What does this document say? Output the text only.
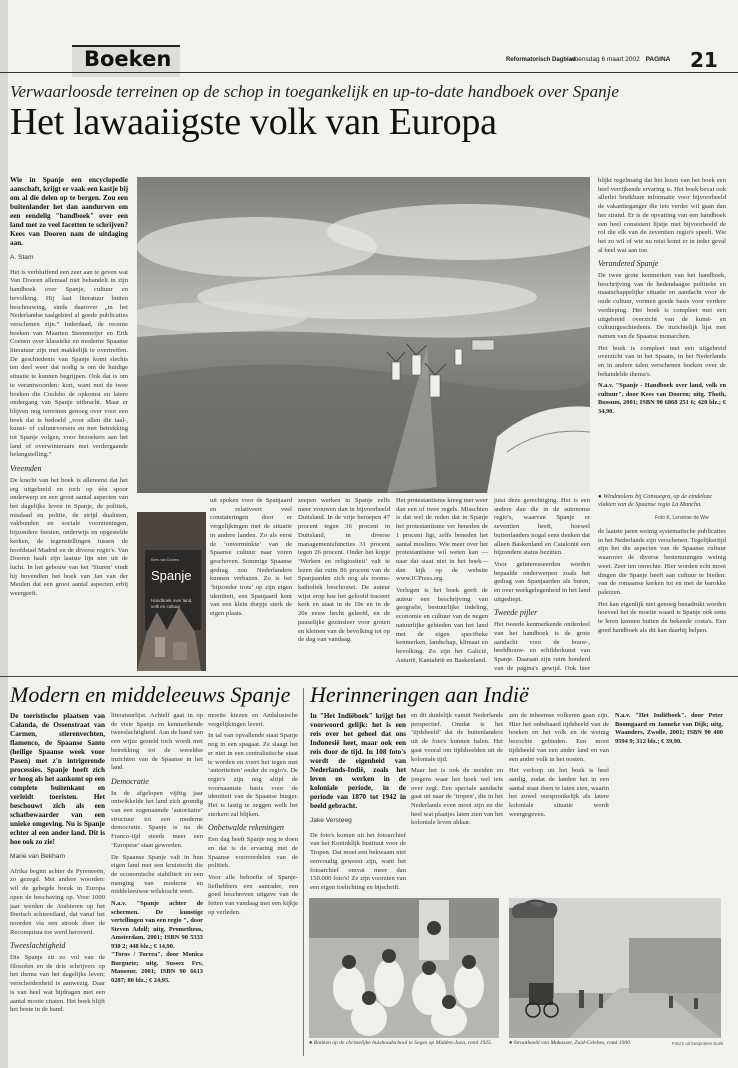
Boeken	Reformatorisch Dagblad
woensdag 6 maart 2002 PAGINA 21
Verwaarloosde terreinen op de schop in toegankelijk en up-to-date handboek over Spanje
Het lawaaiigste volk van Europa

Wie in Spanje een encyclopedie aanschaft, krijgt er vaak een kastje bij om al die delen op te bergen. Zou een buitenlander het dan aandurven om een eendelig "handboek" over een land met zo veel facetten te schrijven? Kees van Dooren nam de uitdaging aan.

A. Stam

Het is verbluffend een zeer aan te geven wat Van Dooren allemaal niet behandelt in zijn handboek over Spanje, cultuur en bevolking. Hij laat literatuur buiten beschouwing, sinds daarover „in het Nederlandse taalgebied al goede publicaties verschenen zijn.” Inderdaad, de recente boeken van Maarten Steenmeijer en Erik Coenen over klassieke en moderne Spaanse literatuur zijn met makkelijk te overtreffen. De geschiedenis van Spanje komt slechts ten deel weer dat nodig is om de huidige situatie te kunnen begrijpen. Ook dat is om te verantwoorden: kort, want met de twee boeken die Coolsbo de opkomst en latere ondergang van Spanje uitbracht. Maar er blijven nog terreinen genoeg over voor een boek dat is bedoeld „voor allen die taal-, kunst- of cultuurvorsers en met betrekking tot Spanje volgen, voor bezoekers aan het land of overwinteraars met verdergaande belangstelling.”

Vreemden

De kracht van het boek is allereerst dat het erg uitgebreid en toch op één spoor onderwerp en een groot aantal aspecten van het dagelijks leven in Spanje, de politiek, misdaad en politie, de strijd dualisten, vakbonden en sociale voorzieningen, bijzondere feesten, onderwijs en opgestelde kerken, de tegenstellingen tussen de hoofdstad Madrid en de diverse regio's. Van Dooren haalt zijn laatste lijn niet uit de lucht. In het gebouw van het ‘Sturen’ vindt hij bovendien het boek van Jan van der Meulen dat een groot aantal aspecten erbij weergeeft.

● Windmolens bij Consuegra, op de eindeloze vlakten van de Spaanse regio La Mancha.
Foto K. Lenstrae de Ww
Kees van Dooren
Spanje
Handboek over land, volk en cultuur

uit spoken voor de Spanjaard en relativeert veel constateringen door er vergelijkingen met de situatie in andere landen. Zo als eerst de ‘onverminkte’ van de Spaanse cultuur naar voren geschoven. Sommige Spaanse gedrag zou Nederlanders kunnen verbazen. Zo is het ‘bijzonder trots’ op zijn eigen identiteit, een Spanjaard kent van een klein dorpje sterk de eigen plaats.

zeepen werken in Spanje zelfs meer vrouwen dan in bijvoorbeeld Duitsland. In de vrije beroepen 47 procent tegen 36 procent in Duitsland, in diverse managementsfuncties 31 procent tegen 26 procent. Onder het kopje ‘Werken en religiositeit’ valt te lezen dat ruim 86 procent van de Spanjaarden zich nog als rooms-katholiek beschouwt. De auteur wijst erop hoe het geloofd traceert kerk en staat in de 19e en in de 20e eeuw hecht geleefd, en de pauselijke gezinsleer voor groten en kleinen van de bevolking tot op de dag van vandaag.

Het protestantisme kreeg met weer dan een of twee regels. Misschien is dat wel de reden dat in Spanje het protestantisme ver beneden de 1 procent ligt, zelfs beneden het aantal moslims. Wie meer over het protestantisme wil weten kan —naar dat staat niet in het boek— dan kijk op de website www.ICPress.org.

Verlegen is het boek geeft de auteur een beschrijving van geografie, bestuurlijke indeling, economie en cultuur van de negen natuurlijke gebieden van het land met de eigen specifieke kenmerken, landschap, klimaat en bevolking. Zo zijn het Galicië, Asturië, Kantabrië en Baskenland.

juist deze gerechtiging. Het is een andere dan die in de autonome regio's, waarvan Spanje er zeventien heeft, hoewel buitenlanders nogal eens denken dat alleen Baskenland en Catalonië een bijzondere status bezitten.

Voor geïnteresseerden worden bepaalde onderwerpen zoals het gedrag van Spanjaarden als buren, en over werkgelegenheid in het land uitgediept.

Tweede pijler

Het tweede kenmerkende onderdeel van het handboek is de grote aandacht voor de bouw-, beeldhouw- en schilderkunst van Spanje. Daaraan zijn ruim honderd van de pagina's gewijd. Ook hier

de laatste jaren weinig systematische publicaties in het Nederlands zijn verschenen. Tegelijkertijd zijn het die aspecten van de Spaanse cultuur waarover de diverse bestemmingen weinig weet. Zeer ten onrechte. Hier worden echt mooi dingen die Spanje heeft aan cultuur te bieden: van de romaanse kerken tot en met de barokke paleizen.

Het kan eigenlijk niet genoeg benadrukt worden hoeveel het de moeite waard is Spanje ook eens te leren kennen buiten de bekende costa's. Een goed handboek als dit kan daarbij helpen.

blijkt regelmatig dat het lezen van het boek een heel verrijkende ervaring is. Het boek bevat ook allerlei bruikbare informatie voor bijvoorbeeld de vakantieganger die iets verder wil gaan dan het strand. Er is de opvatting van een handboek een heel consistent lijstje met bijvoorbeeld de rol die elk van de zeventien regio's speelt. Wie het zo wil of wie nu reist komt er in ieder geval al heel wat aan toe.

Verandered Spanje

De twee grote kenmerken van het handboek, beschrijving van de hedendaagse politieke en maatschappelijke situatie en aandacht voor de oude cultuur, vormen goede basis voor verdere verdieping. Het boek is compleet met een uitgebreid overzicht van de kunst- en cultuurgeschiedenis. De inzichtelijk lijst met namen van de Spaanse monarchen.

Het boek is compleet met een uitgebreid overzicht van in het Spaans, in het Nederlands en in andere talen verschenen boeken over de behandelde thema's.

N.a.v. "Spanje - Handboek over land, volk en cultuur", door Kees van Dooren; uitg. Thoth, Bussum, 2001; ISBN 90 6868 251 6; 420 blz.; € 34,90.

Modern en middeleeuws Spanje

De toeristische plaatsen van Calanda, de Ossenstraat van Carmen, stierenvechten, flamenco, de Spaanse Santo (heilige Spaanse week voor Pasen) met z'n intrigerende processies. Spanje hoeft zich er hoog als het aankomt op een complete buitenkant en verleidt toeristen. Het beschouwt zich als een schatbewaarder van een unieke omgeving. Nu is Spanje echter al een ander land. Dit is hoe ook zo zie!

Marie van Bekham

Afrika begint achter de Pyreneeën, zo gezegd. Met andere woorden: wil de gehegde breuk in Europa open de beschaving op. Voor 1000 jaar werden de Arabieren op het Iberisch schiereiland, dat vanaf het noorden via een strook door de Reconquista toe werd heroverd.

Tweeslachtigheid

Die Spanje zit zo vol van de filosofen en de drie schrijvers op het thema van het dagelijks leven; verscheidenheid is aanwezig. Daar is van heel wat bijdragen met een aantal mooie citaten. Het boek blijft het beste in de hand.

literatuurlijst. Achtelf gaat in op de visie Spanje en kenmerkende tweeslachtigheid. Aan de hand van een wijze gesteld toch wordt met betrekking tot de wereldse inzichten van de Spaanse in het land.

Democratie

In de afgelopen vijftig jaar ontwikkelde het land zich grondig van een zogenaamde ‘autoritaire’ structuur tot een moderne democratie. Spanje is na de Franco-tijd steeds meer een ‘Europese’ staat geworden.

De Spaanse Spanje valt in hun eigen land met een kruistocht die de economische stabiliteit en een menging van moderne en middeleeuwse wilskracht weet.

N.a.v. "Spanje achter de schermen. De kunstige vertellingen van een regio ", door Steven Adolf; uitg. Prometheus, Amsterdam, 2001; ISBN 90 5333 938 2; 448 blz.; € 14,90.
"Toros / Torrea", door Monica Burguete; uitg. Sussex Frv, Mansour, 2001; ISBN 90 6613 0287; 80 blz.; € 24,95.

moeite kiezen en Andalusische vergelijkingen levert.

In tal van opvallende staat Spanje nog in een spagaat. Ze slaagt het er niet in een centralistische staat te worden en voert het tegen met ‘autoriteiten’ onder de regio's. De regio's zijn nog altijd de voornaamste basis voor de identiteit van de Spaanse burger. Het is lastig te zeggen welk het sterkere zal blijken.

Onbetwalde rekeningen

Een dag heeft Spanje nog te doen en dat is de ervaring met de Spaanse vooroordelen van de politiek.

Voor alle behoefte of Spanje-liefhebbers een aanrader, een goed beschreven uitgave van de feiten van vandaag met een kijkje op verleden.

Herinneringen aan Indië

In "Het Indiëboek" krijgt het voorwoord gelijk: het is een reis over het geheel dat ons Indonesië heet, maar ook een reis door de tijd. In 108 foto's wordt de eigenheid van Nederlands-Indië, zoals het leven en werken in de koloniale periode, in de periode van 1870 tot 1942 in beeld gebracht.

Jake Versteeg

De foto's komen uit het fotoarchief van het Koninklijk Instituut voor de Tropen. Dat moet een bekwaam niet eenvoudig geweest zijn, want het fotoarchief omvat meer dan 150.000 foto's! Ze zijn voorzien van een eigen toelichting en bijschrift.

en dit duidelijk vanuit Nederlands perspectief. Omdat is het ‘tijdsbeeld’ dat de buitenlanders uit de foto's kunnen halen. Het gaat vooral om tijdsbeelden uit de koloniale tijd.

Maar het is ook de meiden en jongens waar het boek wel iets over zegt. Een speciale aandacht gaat uit naar de ‘tropen’, die in het Nederlands even mooi zijn en die heel wat plaatjes laten zien van het koloniale leven aldaar.

zen de inheemse volkeren gaan zijn. Hier het onbehaard tijdsbeeld van de boeken en het volk en de weinig bezochte gebieden. Een mooi tijdsbeeld van een ander land en van een ander volk in het oosten.

Het verloop uit het boek is heel aardig, zodat de landen het in een aantal staat doen te laten zien, waarin het zowel oorspronkelijk als latere koloniale situatie wordt weergegeven.

N.a.v. "Het Indiëboek", door Peter Boomgaard en Janneke van Dijk; uitg. Waanders, Zwolle, 2001; ISBN 90 400 9594 9; 312 blz.; € 39,90.

● Batiken op de christelijke huishoudschool te Soges op Midden-Java, rond 1925.	● Straatbeeld van Makasser, Zuid-Celebes, rond 1900.	Foto's uit besproken boek
